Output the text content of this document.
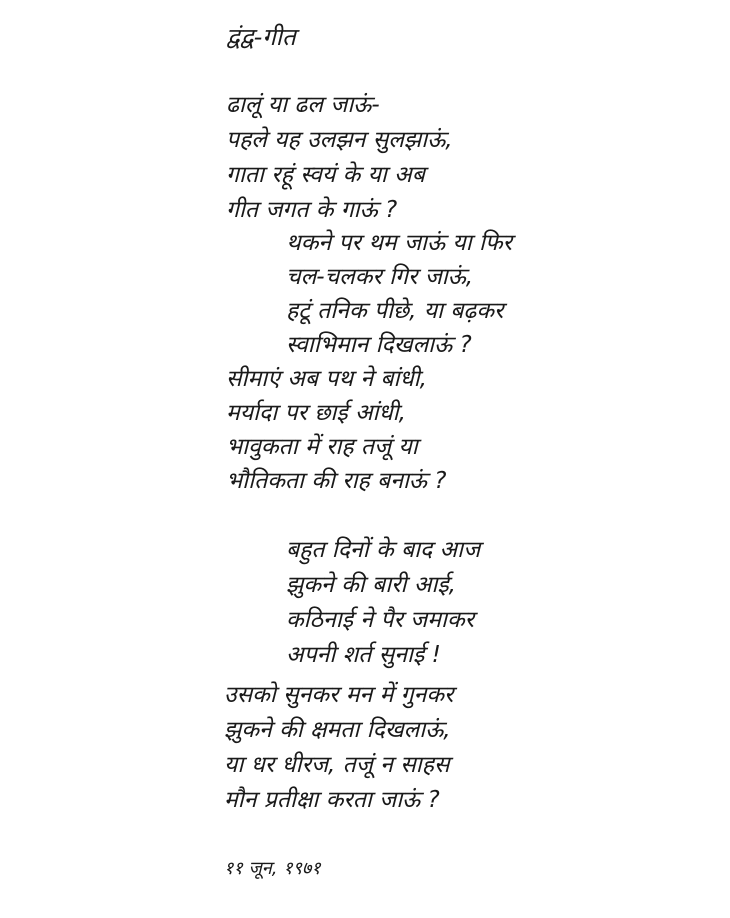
द्वंद्व-गीत
ढालूं या ढल जाऊं-
पहले यह उलझन सुलझाऊं,
गाता रहूं स्वयं के या अब
गीत जगत के गाऊं ?
थकने पर थम जाऊं या फिर
चल-चलकर गिर जाऊं,
हटूं तनिक पीछे, या बढ़कर
स्वाभिमान दिखलाऊं ?
सीमाएं अब पथ ने बांधी,
मर्यादा पर छाई आंधी,
भावुकता में राह तजूं या
भौतिकता की राह बनाऊं ?
बहुत दिनों के बाद आज
झुकने की बारी आई,
कठिनाई ने पैर जमाकर
अपनी शर्त सुनाई !
उसको सुनकर मन में गुनकर
झुकने की क्षमता दिखलाऊं,
या धर धीरज, तजूं न साहस
मौन प्रतीक्षा करता जाऊं ?
११ जून, १९७१
